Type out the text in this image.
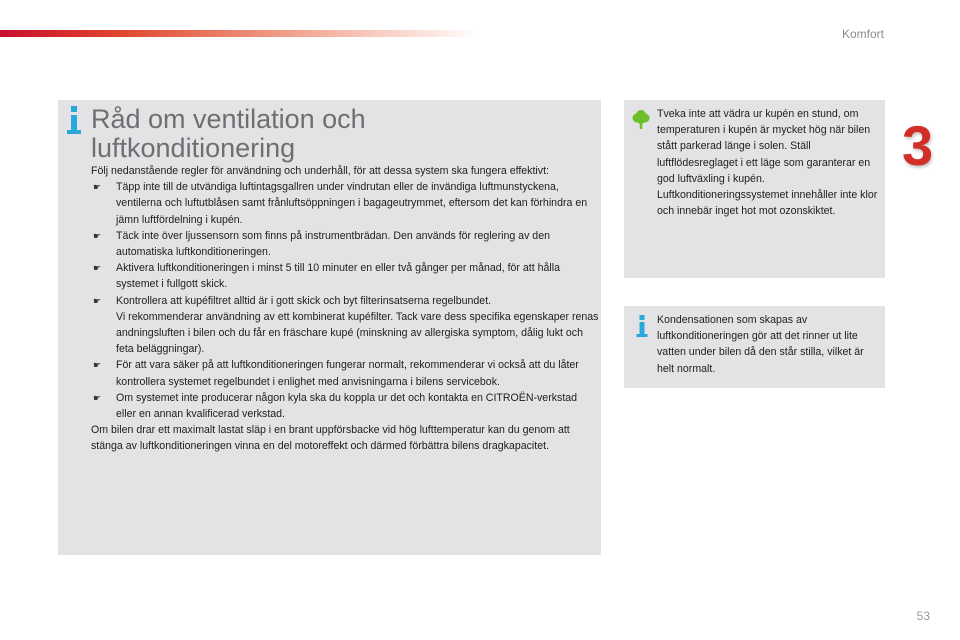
Komfort
3
Råd om ventilation och luftkonditionering

Följ nedanstående regler för användning och underhåll, för att dessa system ska fungera effektivt:

☛ Täpp inte till de utvändiga luftintagsgallren under vindrutan eller de invändiga luftmunstyckena, ventilerna och luftutblåsen samt frånluftsöppningen i bagageutrymmet, eftersom det kan förhindra en jämn luftfördelning i kupén.
☛ Täck inte över ljussensorn som finns på instrumentbrädan. Den används för reglering av den automatiska luftkonditioneringen.
☛ Aktivera luftkonditioneringen i minst 5 till 10 minuter en eller två gånger per månad, för att hålla systemet i fullgott skick.
☛ Kontrollera att kupéfiltret alltid är i gott skick och byt filterinsatserna regelbundet.
Vi rekommenderar användning av ett kombinerat kupéfilter. Tack vare dess specifika egenskaper renas andningsluften i bilen och du får en fräschare kupé (minskning av allergiska symptom, dålig lukt och feta beläggningar).
☛ För att vara säker på att luftkonditioneringen fungerar normalt, rekommenderar vi också att du låter kontrollera systemet regelbundet i enlighet med anvisningarna i bilens servicebok.
☛ Om systemet inte producerar någon kyla ska du koppla ur det och kontakta en CITROËN-verkstad eller en annan kvalificerad verkstad.

Om bilen drar ett maximalt lastat släp i en brant uppförsbacke vid hög lufttemperatur kan du genom att stänga av luftkonditioneringen vinna en del motoreffekt och därmed förbättra bilens dragkapacitet.

Tveka inte att vädra ur kupén en stund, om temperaturen i kupén är mycket hög när bilen stått parkerad länge i solen. Ställ luftflödesreglaget i ett läge som garanterar en god luftväxling i kupén. Luftkonditioneringssystemet innehåller inte klor och innebär inget hot mot ozonskiktet.
Kondensationen som skapas av luftkonditioneringen gör att det rinner ut lite vatten under bilen då den står stilla, vilket är helt normalt.
53
